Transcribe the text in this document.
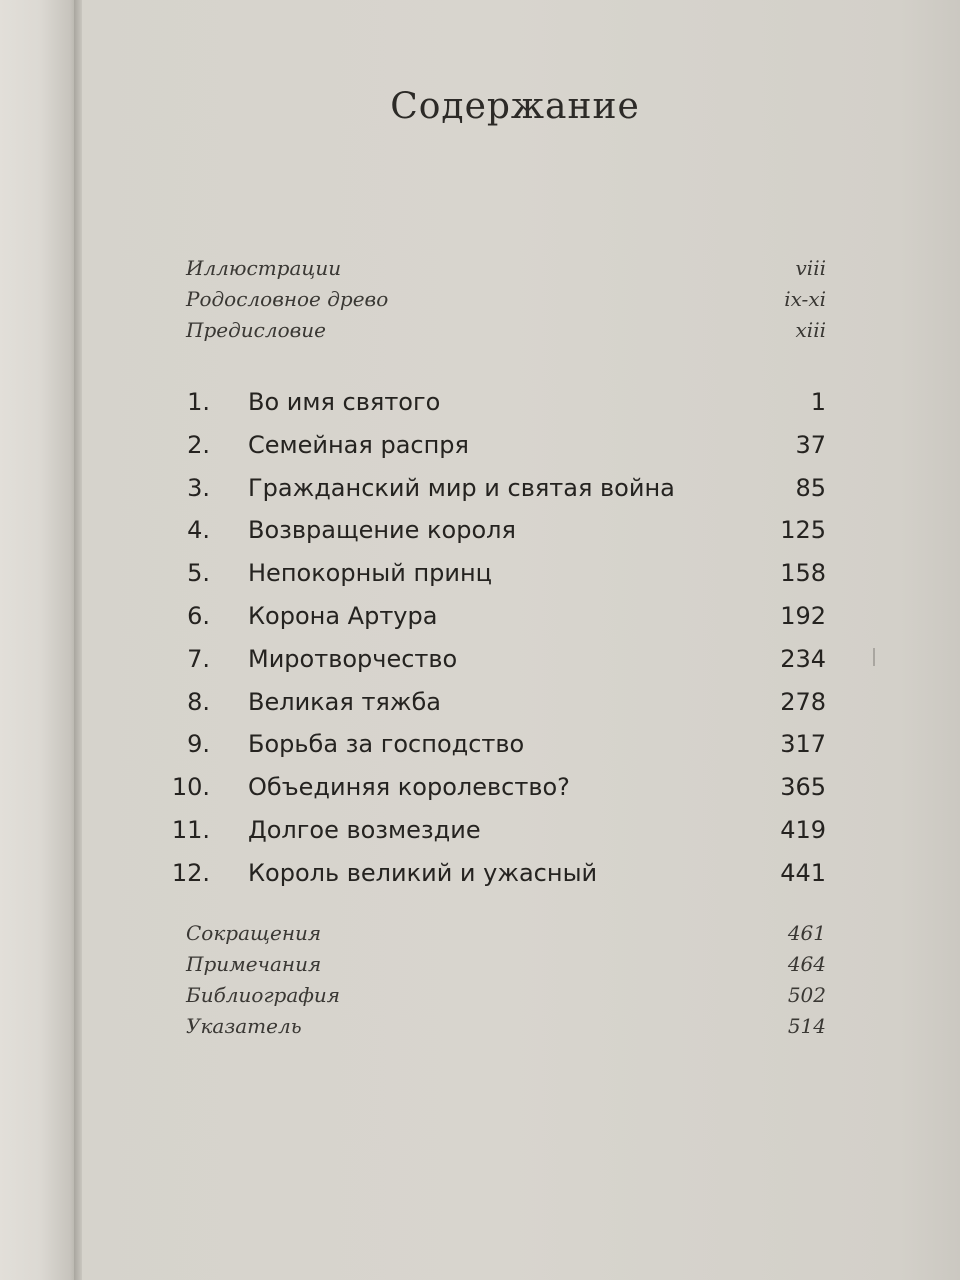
Содержание
Иллюстрации	viii
Родословное древо	ix-xi
Предисловие	xiii
1. Во имя святого	1
2. Семейная распря	37
3. Гражданский мир и святая война	85
4. Возвращение короля	125
5. Непокорный принц	158
6. Корона Артура	192
7. Миротворчество	234
8. Великая тяжба	278
9. Борьба за господство	317
10. Объединяя королевство?	365
11. Долгое возмездие	419
12. Король великий и ужасный	441
Сокращения	461
Примечания	464
Библиография	502
Указатель	514
